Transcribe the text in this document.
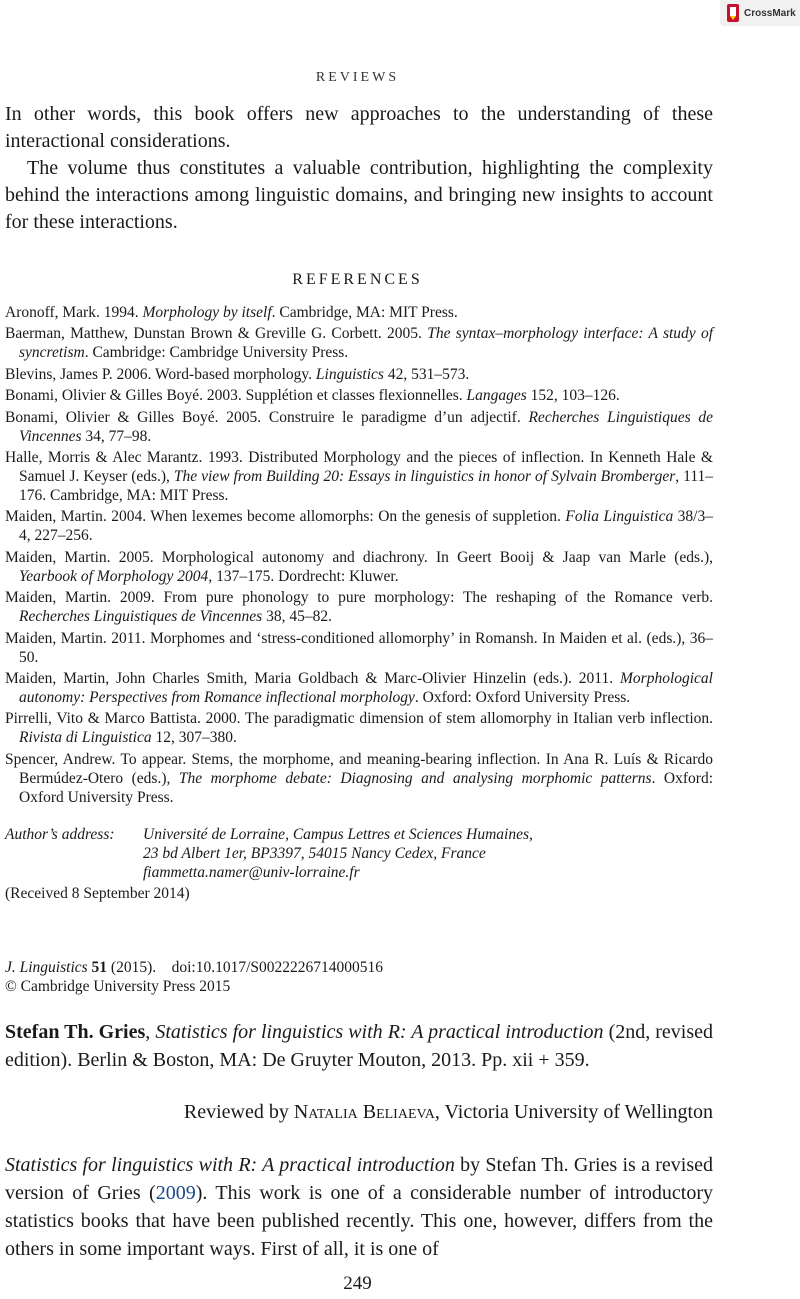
CrossMark
REVIEWS

In other words, this book offers new approaches to the understanding of these interactional considerations.

The volume thus constitutes a valuable contribution, highlighting the complexity behind the interactions among linguistic domains, and bringing new insights to account for these interactions.

REFERENCES

Aronoff, Mark. 1994. Morphology by itself. Cambridge, MA: MIT Press.

Baerman, Matthew, Dunstan Brown & Greville G. Corbett. 2005. The syntax–morphology interface: A study of syncretism. Cambridge: Cambridge University Press.

Blevins, James P. 2006. Word-based morphology. Linguistics 42, 531–573.

Bonami, Olivier & Gilles Boyé. 2003. Supplétion et classes flexionnelles. Langages 152, 103–126.

Bonami, Olivier & Gilles Boyé. 2005. Construire le paradigme d’un adjectif. Recherches Linguistiques de Vincennes 34, 77–98.

Halle, Morris & Alec Marantz. 1993. Distributed Morphology and the pieces of inflection. In Kenneth Hale & Samuel J. Keyser (eds.), The view from Building 20: Essays in linguistics in honor of Sylvain Bromberger, 111–176. Cambridge, MA: MIT Press.

Maiden, Martin. 2004. When lexemes become allomorphs: On the genesis of suppletion. Folia Linguistica 38/3–4, 227–256.

Maiden, Martin. 2005. Morphological autonomy and diachrony. In Geert Booij & Jaap van Marle (eds.), Yearbook of Morphology 2004, 137–175. Dordrecht: Kluwer.

Maiden, Martin. 2009. From pure phonology to pure morphology: The reshaping of the Romance verb. Recherches Linguistiques de Vincennes 38, 45–82.

Maiden, Martin. 2011. Morphomes and ‘stress-conditioned allomorphy’ in Romansh. In Maiden et al. (eds.), 36–50.

Maiden, Martin, John Charles Smith, Maria Goldbach & Marc-Olivier Hinzelin (eds.). 2011. Morphological autonomy: Perspectives from Romance inflectional morphology. Oxford: Oxford University Press.

Pirrelli, Vito & Marco Battista. 2000. The paradigmatic dimension of stem allomorphy in Italian verb inflection. Rivista di Linguistica 12, 307–380.

Spencer, Andrew. To appear. Stems, the morphome, and meaning-bearing inflection. In Ana R. Luís & Ricardo Bermúdez-Otero (eds.), The morphome debate: Diagnosing and analysing morphomic patterns. Oxford: Oxford University Press.

Author’s address:	Université de Lorraine, Campus Lettres et Sciences Humaines,
23 bd Albert 1er, BP3397, 54015 Nancy Cedex, France
fiammetta.namer@univ-lorraine.fr
(Received 8 September 2014)
J. Linguistics 51 (2015). doi:10.1017/S0022226714000516
© Cambridge University Press 2015
Stefan Th. Gries, Statistics for linguistics with R: A practical introduction (2nd, revised edition). Berlin & Boston, MA: De Gruyter Mouton, 2013. Pp. xii + 359.
Reviewed by Natalia Beliaeva, Victoria University of Wellington
Statistics for linguistics with R: A practical introduction by Stefan Th. Gries is a revised version of Gries (2009). This work is one of a considerable number of introductory statistics books that have been published recently. This one, however, differs from the others in some important ways. First of all, it is one of
249
